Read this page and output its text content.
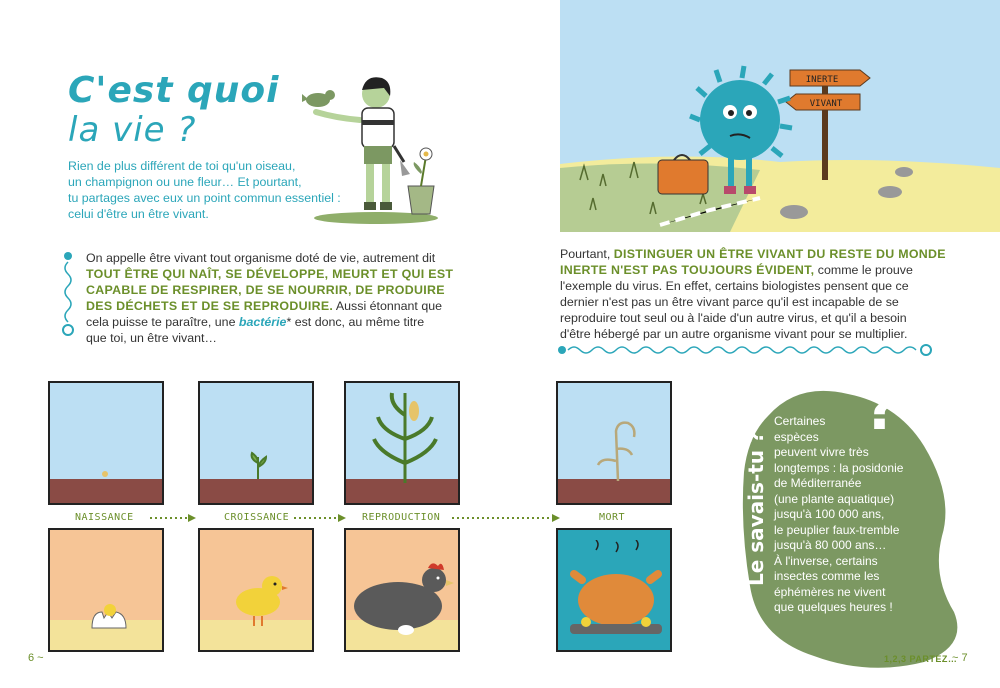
C'est quoi
la vie ?
Rien de plus différent de toi qu'un oiseau,
un champignon ou une fleur… Et pourtant,
tu partages avec eux un point commun essentiel :
celui d'être un être vivant.
On appelle être vivant tout organisme doté de vie, autrement dit
TOUT ÊTRE QUI NAÎT, SE DÉVELOPPE, MEURT ET QUI EST
CAPABLE DE RESPIRER, DE SE NOURRIR, DE PRODUIRE
DES DÉCHETS ET DE SE REPRODUIRE. Aussi étonnant que
cela puisse te paraître, une bactérie* est donc, au même titre
que toi, un être vivant…
INERTE
VIVANT
Pourtant, DISTINGUER UN ÊTRE VIVANT DU RESTE DU MONDE
INERTE N'EST PAS TOUJOURS ÉVIDENT, comme le prouve
l'exemple du virus. En effet, certains biologistes pensent que ce
dernier n'est pas un être vivant parce qu'il est incapable de se
reproduire tout seul ou à l'aide d'un autre virus, et qu'il a besoin
d'être hébergé par un autre organisme vivant pour se multiplier.
NAISSANCE	CROISSANCE	REPRODUCTION	MORT
?
Le savais-tu ?
Certaines
espèces
peuvent vivre très
longtemps : la posidonie
de Méditerranée
(une plante aquatique)
jusqu'à 100 000 ans,
le peuplier faux-tremble
jusqu'à 80 000 ans…
À l'inverse, certains
insectes comme les
éphémères ne vivent
que quelques heures !
6 ~	1,2,3 PARTEZ…
~ 7
